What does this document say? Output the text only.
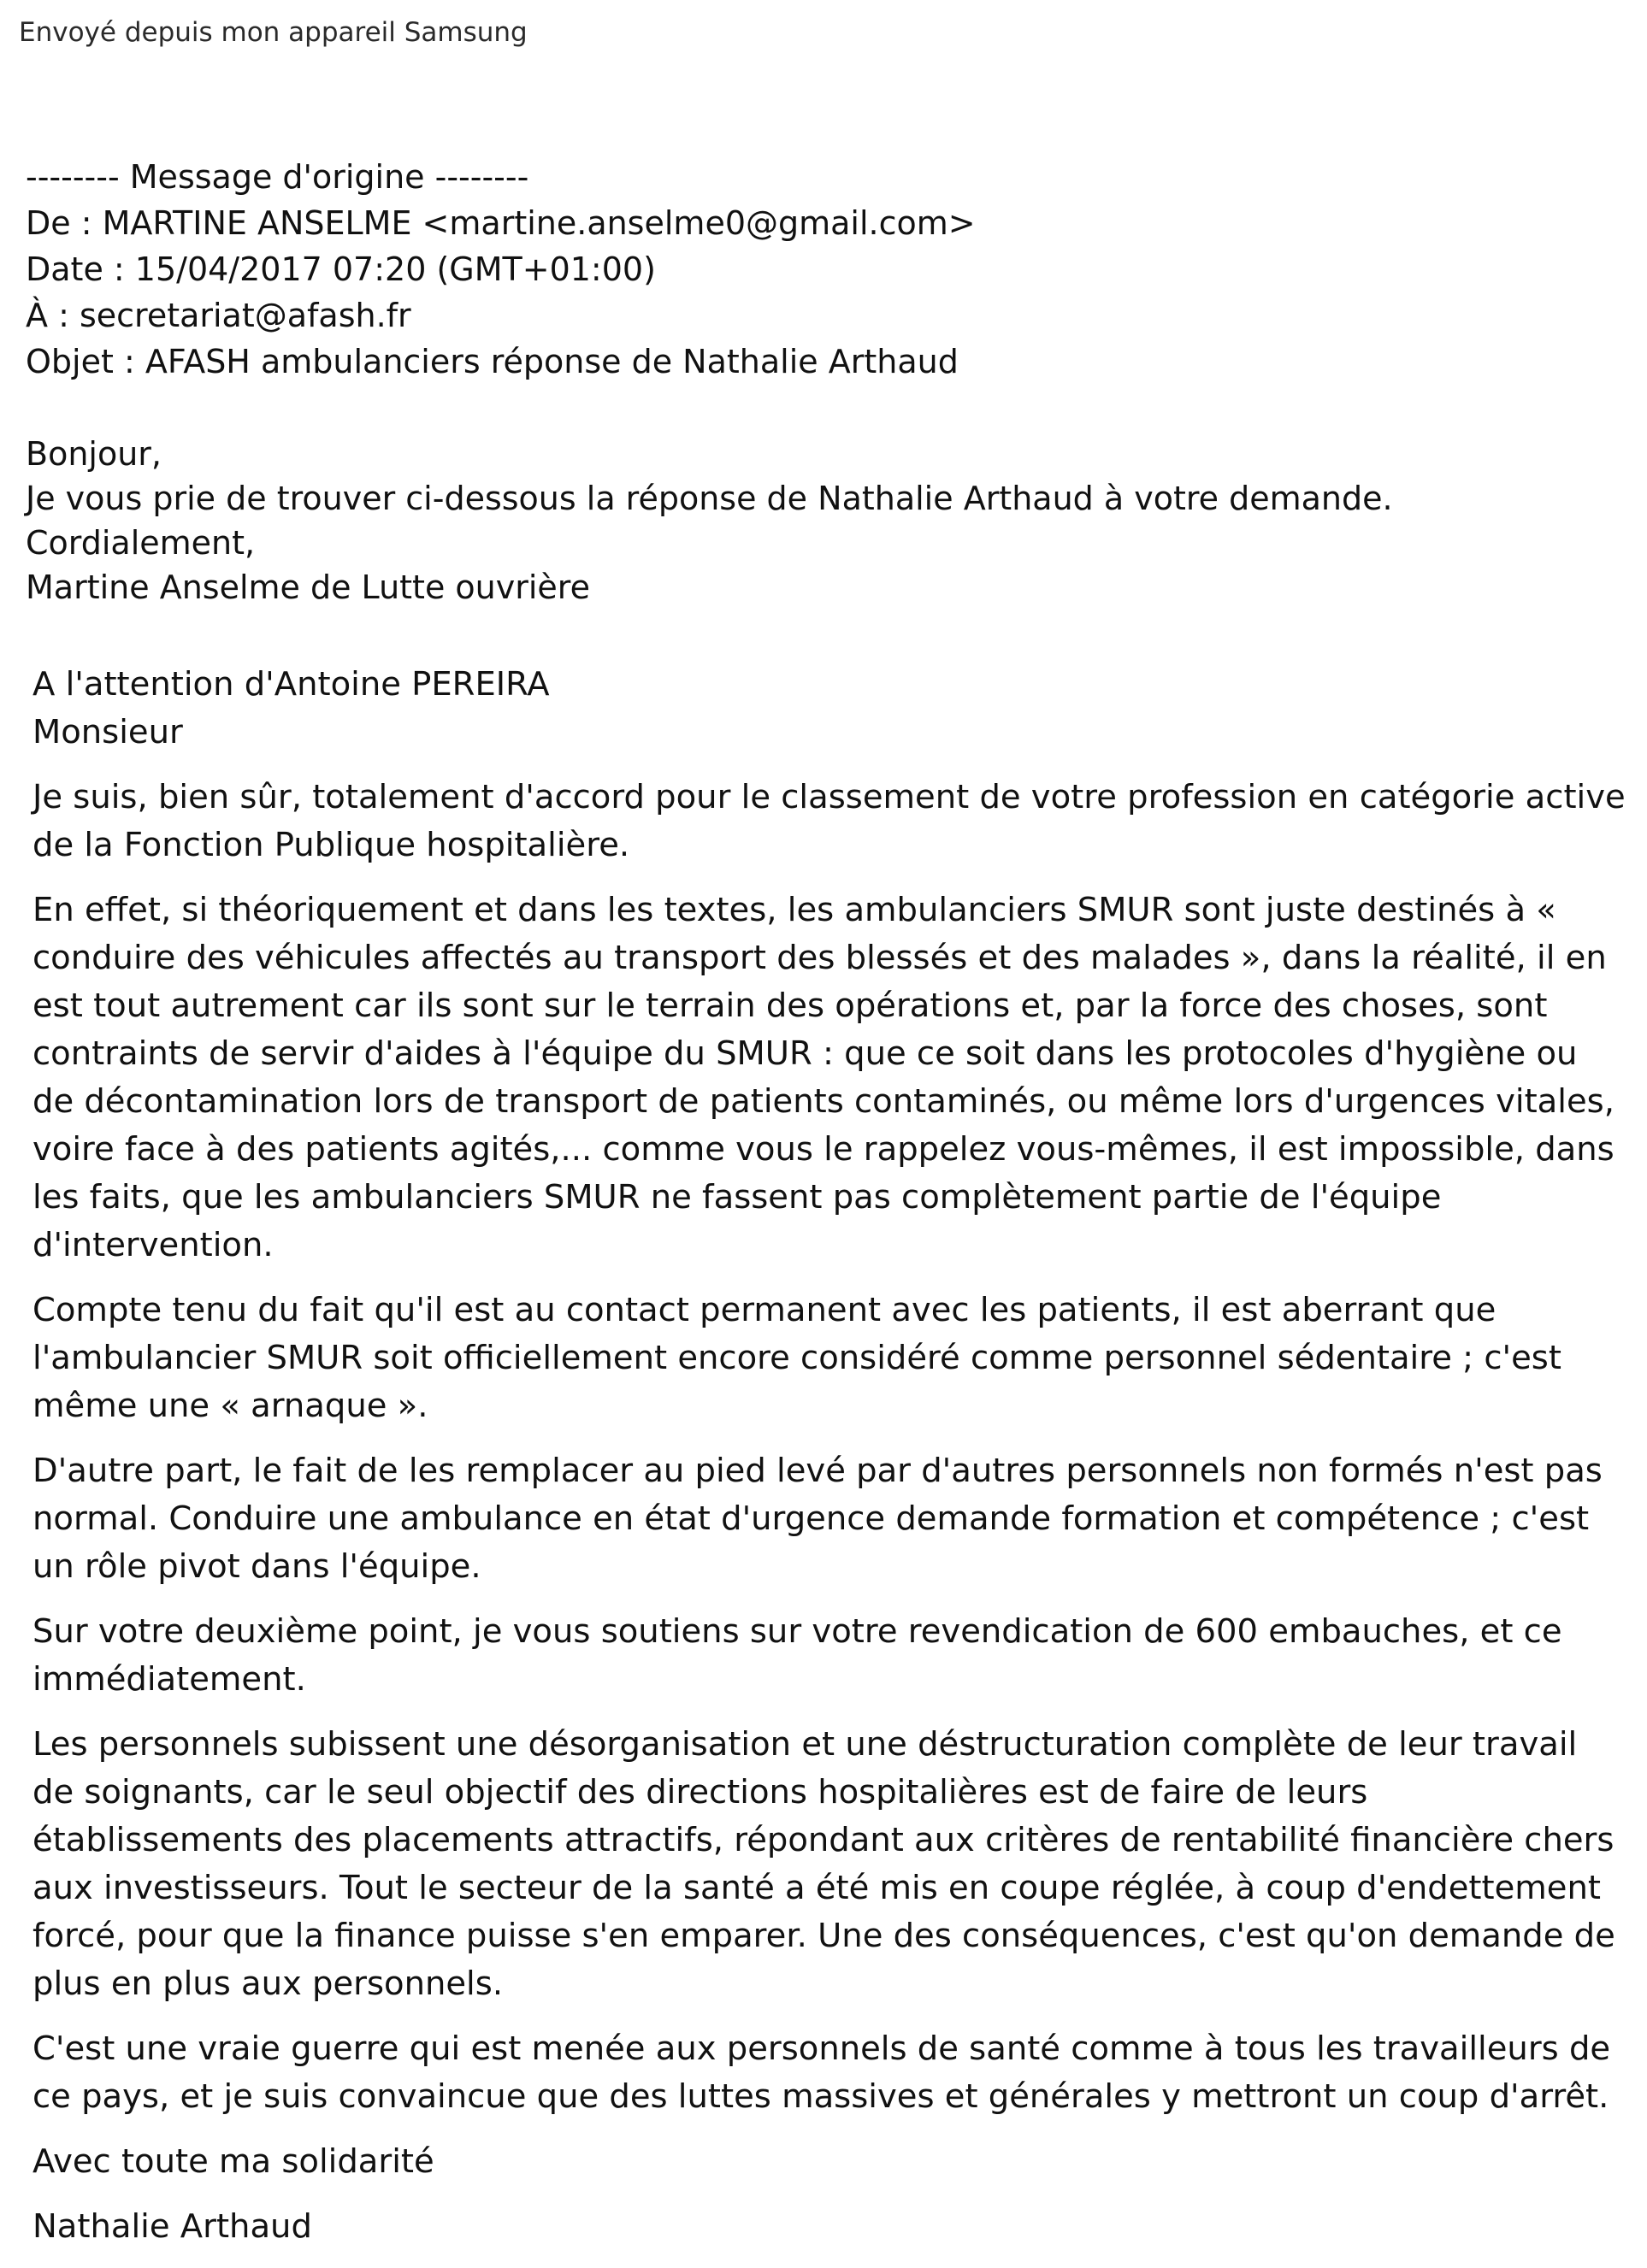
Envoyé depuis mon appareil Samsung
-------- Message d'origine --------
De : MARTINE ANSELME <martine.anselme0@gmail.com>
Date : 15/04/2017 07:20 (GMT+01:00)
À : secretariat@afash.fr
Objet : AFASH ambulanciers réponse de Nathalie Arthaud
Bonjour,
Je vous prie de trouver ci-dessous la réponse de Nathalie Arthaud à votre demande.
Cordialement,
Martine Anselme de Lutte ouvrière

A l'attention d'Antoine PEREIRA

Monsieur

Je suis, bien sûr, totalement d'accord pour le classement de votre profession en catégorie active de la Fonction Publique hospitalière.

En effet, si théoriquement et dans les textes, les ambulanciers SMUR sont juste destinés à « conduire des véhicules affectés au transport des blessés et des malades », dans la réalité, il en est tout autrement car ils sont sur le terrain des opérations et, par la force des choses, sont contraints de servir d'aides à l'équipe du SMUR : que ce soit dans les protocoles d'hygiène ou de décontamination lors de transport de patients contaminés, ou même lors d'urgences vitales, voire face à des patients agités,... comme vous le rappelez vous-mêmes, il est impossible, dans les faits, que les ambulanciers SMUR ne fassent pas complètement partie de l'équipe d'intervention.

Compte tenu du fait qu'il est au contact permanent avec les patients, il est aberrant que l'ambulancier SMUR soit officiellement encore considéré comme personnel sédentaire ; c'est même une « arnaque ».

D'autre part, le fait de les remplacer au pied levé par d'autres personnels non formés n'est pas normal. Conduire une ambulance en état d'urgence demande formation et compétence ; c'est un rôle pivot dans l'équipe.

Sur votre deuxième point, je vous soutiens sur votre revendication de 600 embauches, et ce immédiatement.

Les personnels subissent une désorganisation et une déstructuration complète de leur travail de soignants, car le seul objectif des directions hospitalières est de faire de leurs établissements des placements attractifs, répondant aux critères de rentabilité financière chers aux investisseurs. Tout le secteur de la santé a été mis en coupe réglée, à coup d'endettement forcé, pour que la finance puisse s'en emparer. Une des conséquences, c'est qu'on demande de plus en plus aux personnels.

C'est une vraie guerre qui est menée aux personnels de santé comme à tous les travailleurs de ce pays, et je suis convaincue que des luttes massives et générales y mettront un coup d'arrêt.

Avec toute ma solidarité

Nathalie Arthaud
